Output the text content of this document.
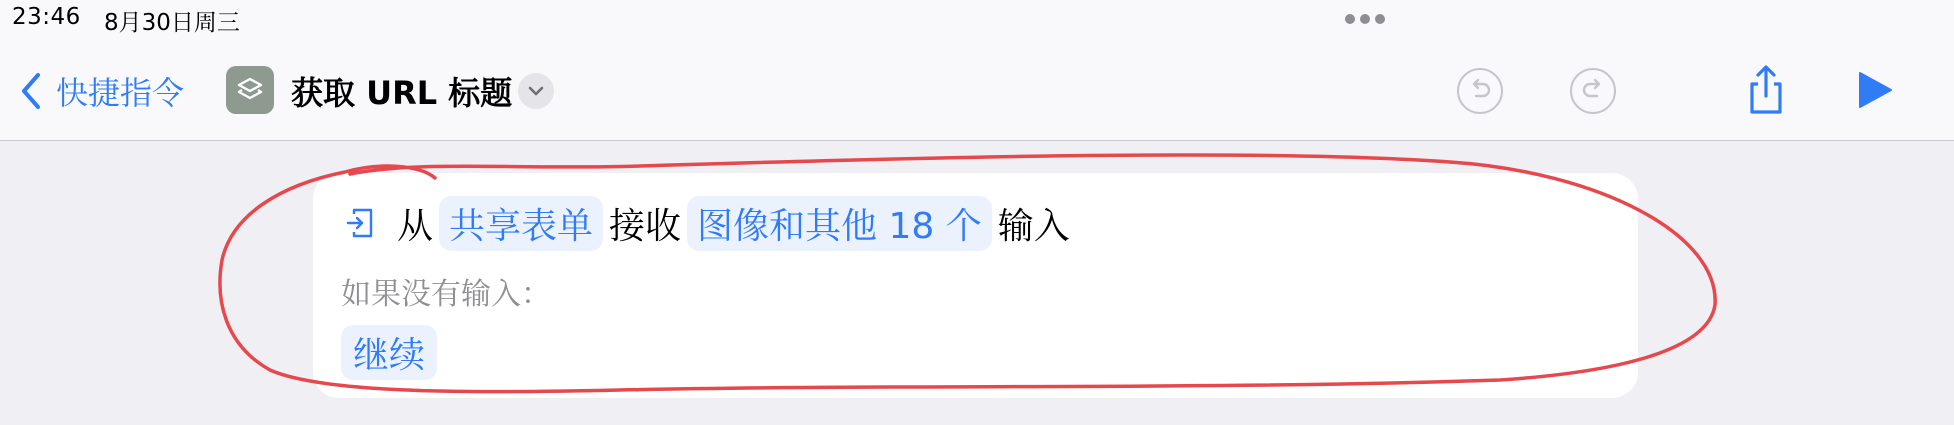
23:46 8月30日周三
快捷指令	获取 URL 标题
从 共享表单 接收 图像和其他 18 个 输入
如果没有输入：
继续
